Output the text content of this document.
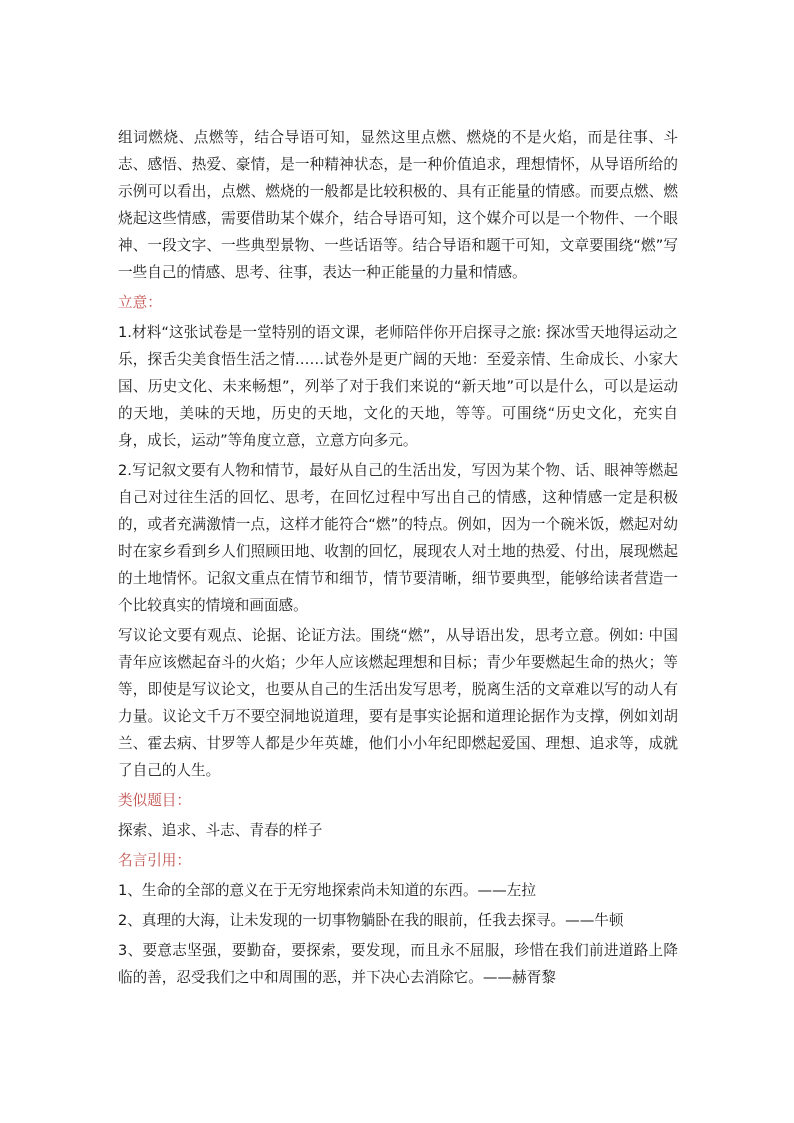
组词燃烧、点燃等，结合导语可知，显然这里点燃、燃烧的不是火焰，而是往事、斗志、感悟、热爱、豪情，是一种精神状态，是一种价值追求，理想情怀，从导语所给的示例可以看出，点燃、燃烧的一般都是比较积极的、具有正能量的情感。而要点燃、燃烧起这些情感，需要借助某个媒介，结合导语可知，这个媒介可以是一个物件、一个眼神、一段文字、一些典型景物、一些话语等。结合导语和题干可知，文章要围绕“燃”写一些自己的情感、思考、往事，表达一种正能量的力量和情感。

立意：

1.材料“这张试卷是一堂特别的语文课，老师陪伴你开启探寻之旅: 探冰雪天地得运动之乐，探舌尖美食悟生活之情……试卷外是更广阔的天地：至爱亲情、生命成长、小家大国、历史文化、未来畅想”，列举了对于我们来说的“新天地”可以是什么，可以是运动的天地，美味的天地，历史的天地，文化的天地，等等。可围绕“历史文化，充实自身，成长，运动”等角度立意，立意方向多元。

2.写记叙文要有人物和情节，最好从自己的生活出发，写因为某个物、话、眼神等燃起自己对过往生活的回忆、思考，在回忆过程中写出自己的情感，这种情感一定是积极的，或者充满激情一点，这样才能符合“燃”的特点。例如，因为一个碗米饭，燃起对幼时在家乡看到乡人们照顾田地、收割的回忆，展现农人对土地的热爱、付出，展现燃起的土地情怀。记叙文重点在情节和细节，情节要清晰，细节要典型，能够给读者营造一个比较真实的情境和画面感。

写议论文要有观点、论据、论证方法。围绕“燃”，从导语出发，思考立意。例如: 中国青年应该燃起奋斗的火焰；少年人应该燃起理想和目标；青少年要燃起生命的热火；等等，即使是写议论文，也要从自己的生活出发写思考，脱离生活的文章难以写的动人有力量。议论文千万不要空洞地说道理，要有是事实论据和道理论据作为支撑，例如刘胡兰、霍去病、甘罗等人都是少年英雄，他们小小年纪即燃起爱国、理想、追求等，成就了自己的人生。

类似题目：

探索、追求、斗志、青春的样子

名言引用：

1、生命的全部的意义在于无穷地探索尚未知道的东西。——左拉

2、真理的大海，让未发现的一切事物躺卧在我的眼前，任我去探寻。——牛顿

3、要意志坚强，要勤奋，要探索，要发现，而且永不屈服，珍惜在我们前进道路上降临的善，忍受我们之中和周围的恶，并下决心去消除它。——赫胥黎
